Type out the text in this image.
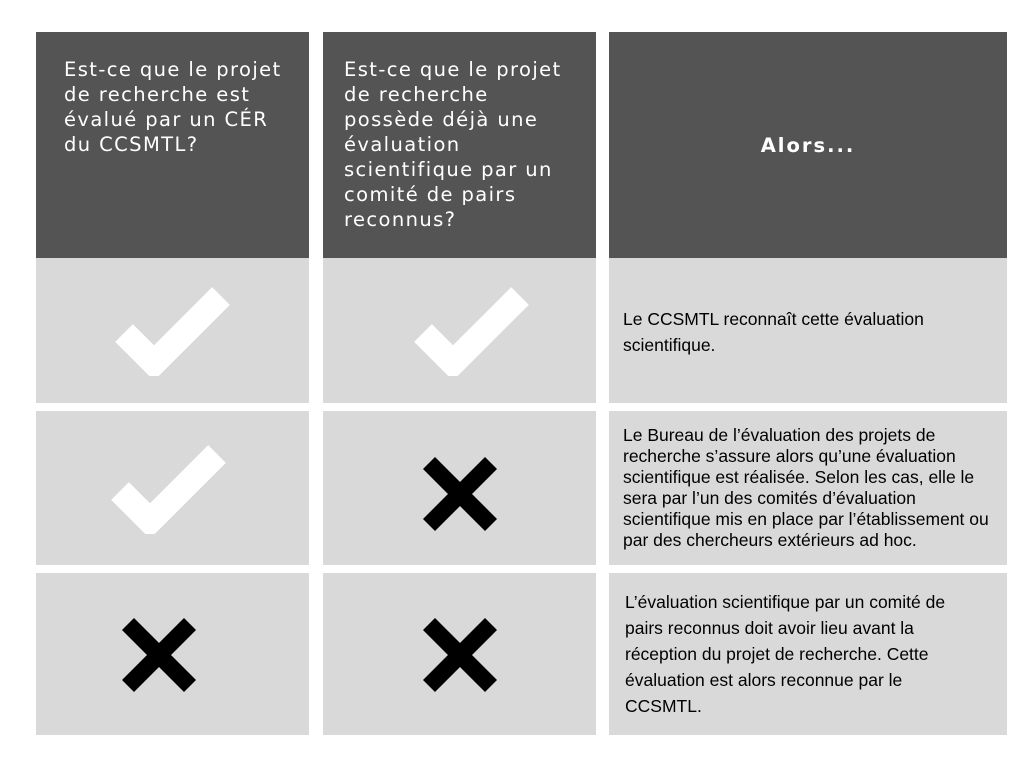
Est-ce que le projet de recherche est évalué par un CÉR du CCSMTL?
Est-ce que le projet de recherche possède déjà une évaluation scientifique par un comité de pairs reconnus?
Alors...
Le CCSMTL reconnaît cette évaluation scientifique.
Le Bureau de l’évaluation des projets de recherche s’assure alors qu’une évaluation scientifique est réalisée. Selon les cas, elle le sera par l’un des comités d’évaluation scientifique mis en place par l’établissement ou par des chercheurs extérieurs ad hoc.
L’évaluation scientifique par un comité de pairs reconnus doit avoir lieu avant la réception du projet de recherche. Cette évaluation est alors reconnue par le CCSMTL.
